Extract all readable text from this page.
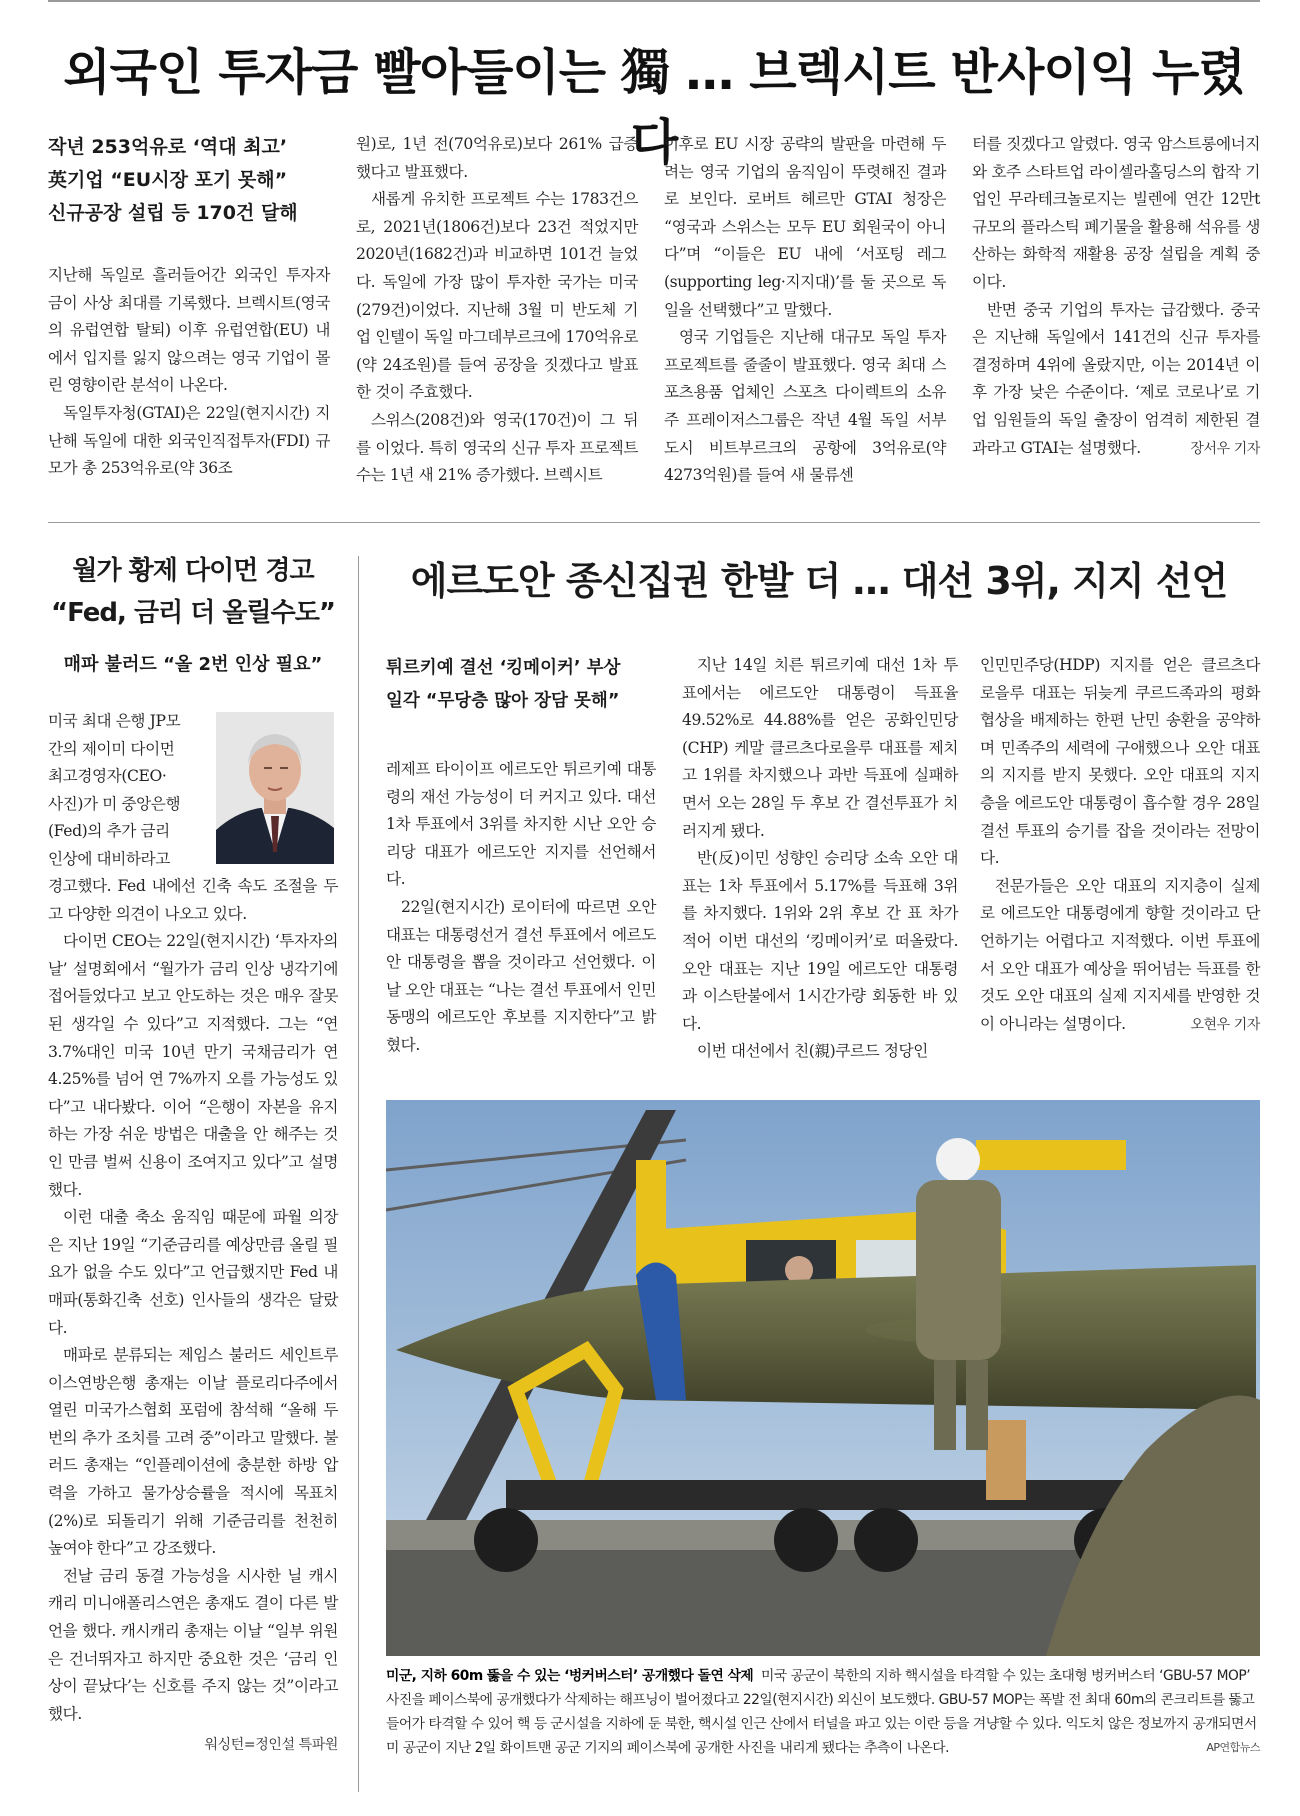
외국인 투자금 빨아들이는 獨 … 브렉시트 반사이익 누렸다
작년 253억유로 ‘역대 최고’
英기업 “EU시장 포기 못해”
신규공장 설립 등 170건 달해

지난해 독일로 흘러들어간 외국인 투자자금이 사상 최대를 기록했다. 브렉시트(영국의 유럽연합 탈퇴) 이후 유럽연합(EU) 내에서 입지를 잃지 않으려는 영국 기업이 몰린 영향이란 분석이 나온다.

독일투자청(GTAI)은 22일(현지시간) 지난해 독일에 대한 외국인직접투자(FDI) 규모가 총 253억유로(약 36조

원)로, 1년 전(70억유로)보다 261% 급증했다고 발표했다.

새롭게 유치한 프로젝트 수는 1783건으로, 2021년(1806건)보다 23건 적었지만 2020년(1682건)과 비교하면 101건 늘었다. 독일에 가장 많이 투자한 국가는 미국(279건)이었다. 지난해 3월 미 반도체 기업 인텔이 독일 마그데부르크에 170억유로(약 24조원)를 들여 공장을 짓겠다고 발표한 것이 주효했다.

스위스(208건)와 영국(170건)이 그 뒤를 이었다. 특히 영국의 신규 투자 프로젝트 수는 1년 새 21% 증가했다. 브렉시트

이후로 EU 시장 공략의 발판을 마련해 두려는 영국 기업의 움직임이 뚜렷해진 결과로 보인다. 로버트 헤르만 GTAI 청장은 “영국과 스위스는 모두 EU 회원국이 아니다”며 “이들은 EU 내에 ‘서포팅 레그(supporting leg·지지대)’를 둘 곳으로 독일을 선택했다”고 말했다.

영국 기업들은 지난해 대규모 독일 투자 프로젝트를 줄줄이 발표했다. 영국 최대 스포츠용품 업체인 스포츠 다이렉트의 소유주 프레이저스그룹은 작년 4월 독일 서부 도시 비트부르크의 공항에 3억유로(약 4273억원)를 들여 새 물류센

터를 짓겠다고 알렸다. 영국 암스트롱에너지와 호주 스타트업 라이셀라홀딩스의 합작 기업인 무라테크놀로지는 빌렌에 연간 12만t 규모의 플라스틱 폐기물을 활용해 석유를 생산하는 화학적 재활용 공장 설립을 계획 중이다.

반면 중국 기업의 투자는 급감했다. 중국은 지난해 독일에서 141건의 신규 투자를 결정하며 4위에 올랐지만, 이는 2014년 이후 가장 낮은 수준이다. ‘제로 코로나’로 기업 임원들의 독일 출장이 엄격히 제한된 결과라고 GTAI는 설명했다.	장서우 기자
월가 황제 다이먼 경고
“Fed, 금리 더 올릴수도”
매파 불러드 “올 2번 인상 필요”
미국 최대 은행 JP모
간의 제이미 다이먼
최고경영자(CEO·
사진)가 미 중앙은행
(Fed)의 추가 금리
인상에 대비하라고

경고했다. Fed 내에선 긴축 속도 조절을 두고 다양한 의견이 나오고 있다.

다이먼 CEO는 22일(현지시간) ‘투자자의 날’ 설명회에서 “월가가 금리 인상 냉각기에 접어들었다고 보고 안도하는 것은 매우 잘못된 생각일 수 있다”고 지적했다. 그는 “연 3.7%대인 미국 10년 만기 국채금리가 연 4.25%를 넘어 연 7%까지 오를 가능성도 있다”고 내다봤다. 이어 “은행이 자본을 유지하는 가장 쉬운 방법은 대출을 안 해주는 것인 만큼 벌써 신용이 조여지고 있다”고 설명했다.

이런 대출 축소 움직임 때문에 파월 의장은 지난 19일 “기준금리를 예상만큼 올릴 필요가 없을 수도 있다”고 언급했지만 Fed 내 매파(통화긴축 선호) 인사들의 생각은 달랐다.

매파로 분류되는 제임스 불러드 세인트루이스연방은행 총재는 이날 플로리다주에서 열린 미국가스협회 포럼에 참석해 “올해 두 번의 추가 조치를 고려 중”이라고 말했다. 불러드 총재는 “인플레이션에 충분한 하방 압력을 가하고 물가상승률을 적시에 목표치(2%)로 되돌리기 위해 기준금리를 천천히 높여야 한다”고 강조했다.

전날 금리 동결 가능성을 시사한 닐 캐시캐리 미니애폴리스연은 총재도 결이 다른 발언을 했다. 캐시캐리 총재는 이날 “일부 위원은 건너뛰자고 하지만 중요한 것은 ‘금리 인상이 끝났다’는 신호를 주지 않는 것”이라고 했다.

워싱턴=정인설 특파원
에르도안 종신집권 한발 더 … 대선 3위, 지지 선언
튀르키예 결선 ‘킹메이커’ 부상
일각 “무당층 많아 장담 못해”

레제프 타이이프 에르도안 튀르키예 대통령의 재선 가능성이 더 커지고 있다. 대선 1차 투표에서 3위를 차지한 시난 오안 승리당 대표가 에르도안 지지를 선언해서다.

22일(현지시간) 로이터에 따르면 오안 대표는 대통령선거 결선 투표에서 에르도안 대통령을 뽑을 것이라고 선언했다. 이날 오안 대표는 “나는 결선 투표에서 인민동맹의 에르도안 후보를 지지한다”고 밝혔다.

지난 14일 치른 튀르키예 대선 1차 투표에서는 에르도안 대통령이 득표율 49.52%로 44.88%를 얻은 공화인민당(CHP) 케말 클르츠다로을루 대표를 제치고 1위를 차지했으나 과반 득표에 실패하면서 오는 28일 두 후보 간 결선투표가 치러지게 됐다.

반(反)이민 성향인 승리당 소속 오안 대표는 1차 투표에서 5.17%를 득표해 3위를 차지했다. 1위와 2위 후보 간 표 차가 적어 이번 대선의 ‘킹메이커’로 떠올랐다. 오안 대표는 지난 19일 에르도안 대통령과 이스탄불에서 1시간가량 회동한 바 있다.

이번 대선에서 친(親)쿠르드 정당인

인민민주당(HDP) 지지를 얻은 클르츠다로을루 대표는 뒤늦게 쿠르드족과의 평화 협상을 배제하는 한편 난민 송환을 공약하며 민족주의 세력에 구애했으나 오안 대표의 지지를 받지 못했다. 오안 대표의 지지층을 에르도안 대통령이 흡수할 경우 28일 결선 투표의 승기를 잡을 것이라는 전망이다.

전문가들은 오안 대표의 지지층이 실제로 에르도안 대통령에게 향할 것이라고 단언하기는 어렵다고 지적했다. 이번 투표에서 오안 대표가 예상을 뛰어넘는 득표를 한 것도 오안 대표의 실제 지지세를 반영한 것이 아니라는 설명이다.	오현우 기자
미군, 지하 60m 뚫을 수 있는 ‘벙커버스터’ 공개했다 돌연 삭제 미국 공군이 북한의 지하 핵시설을 타격할 수 있는 초대형 벙커버스터 ‘GBU-57 MOP’ 사진을 페이스북에 공개했다가 삭제하는 해프닝이 벌어졌다고 22일(현지시간) 외신이 보도했다. GBU-57 MOP는 폭발 전 최대 60m의 콘크리트를 뚫고 들어가 타격할 수 있어 핵 등 군시설을 지하에 둔 북한, 핵시설 인근 산에서 터널을 파고 있는 이란 등을 겨냥할 수 있다. 익도치 않은 정보까지 공개되면서 미 공군이 지난 2일 화이트맨 공군 기지의 페이스북에 공개한 사진을 내리게 됐다는 추측이 나온다.	AP연합뉴스
